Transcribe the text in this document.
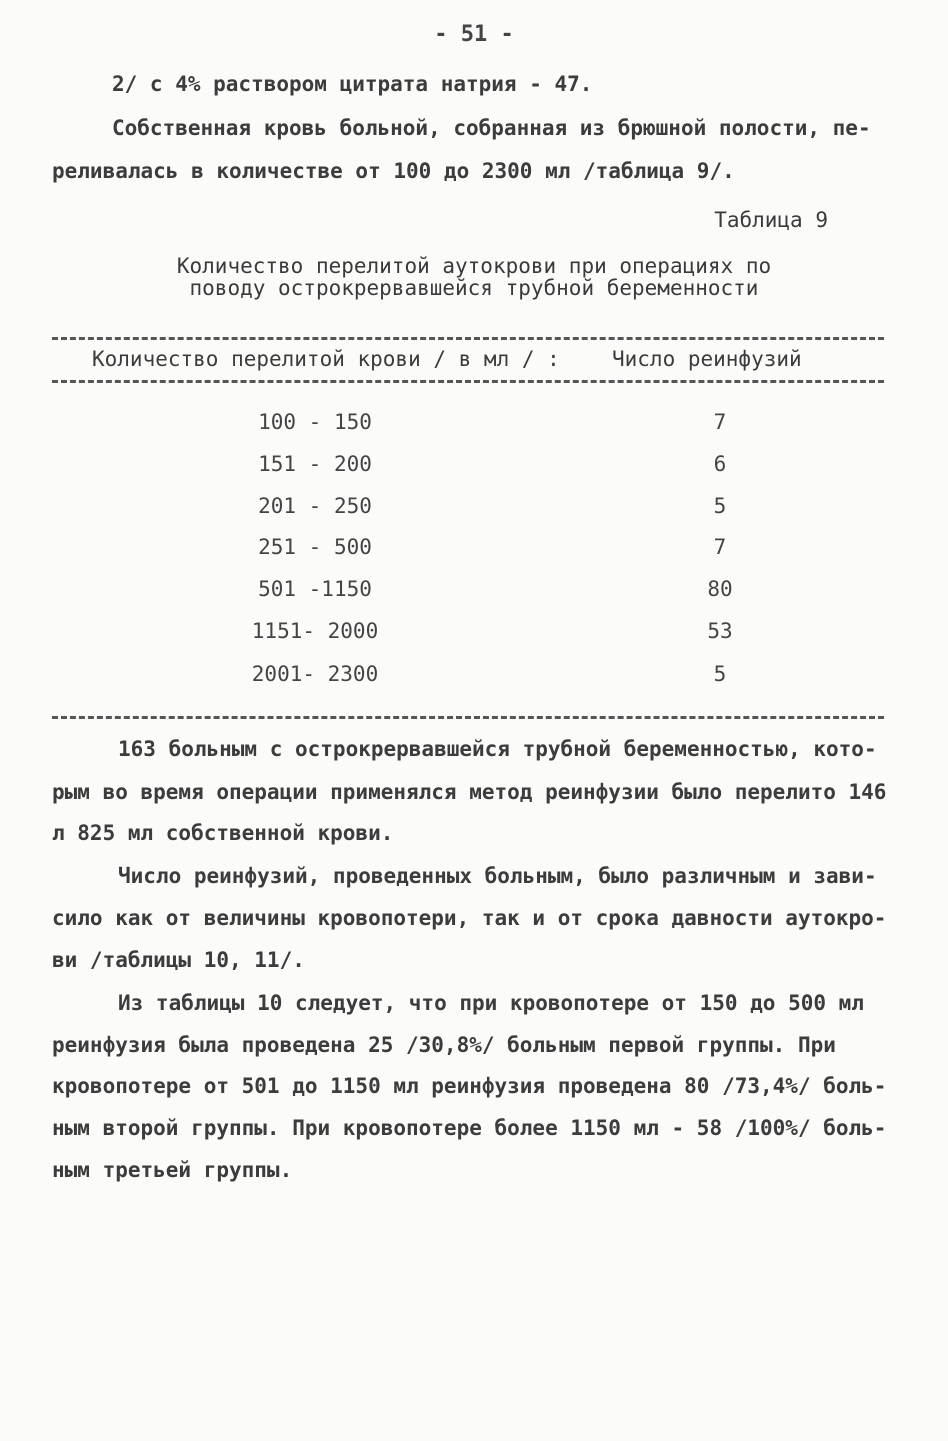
- 51 -
2/ с 4% раствором цитрата натрия - 47.
Собственная кровь больной, собранная из брюшной полости, пе-
реливалась в количестве от 100 до 2300 мл /таблица 9/.
Таблица 9
Количество перелитой аутокрови при операциях по
поводу острокрервавшейся трубной беременности
Количество перелитой крови / в мл / : Число реинфузий
100 - 150	7
151 - 200	6
201 - 250	5
251 - 500	7
501 -1150	80
1151- 2000	53
2001- 2300	5
163 больным с острокрервавшейся трубной беременностью, кото-
рым во время операции применялся метод реинфузии было перелито 146
л 825 мл собственной крови.
Число реинфузий, проведенных больным, было различным и зави-
сило как от величины кровопотери, так и от срока давности аутокро-
ви /таблицы 10, 11/.
Из таблицы 10 следует, что при кровопотере от 150 до 500 мл
реинфузия была проведена 25 /30,8%/ больным первой группы. При
кровопотере от 501 до 1150 мл реинфузия проведена 80 /73,4%/ боль-
ным второй группы. При кровопотере более 1150 мл - 58 /100%/ боль-
ным третьей группы.
